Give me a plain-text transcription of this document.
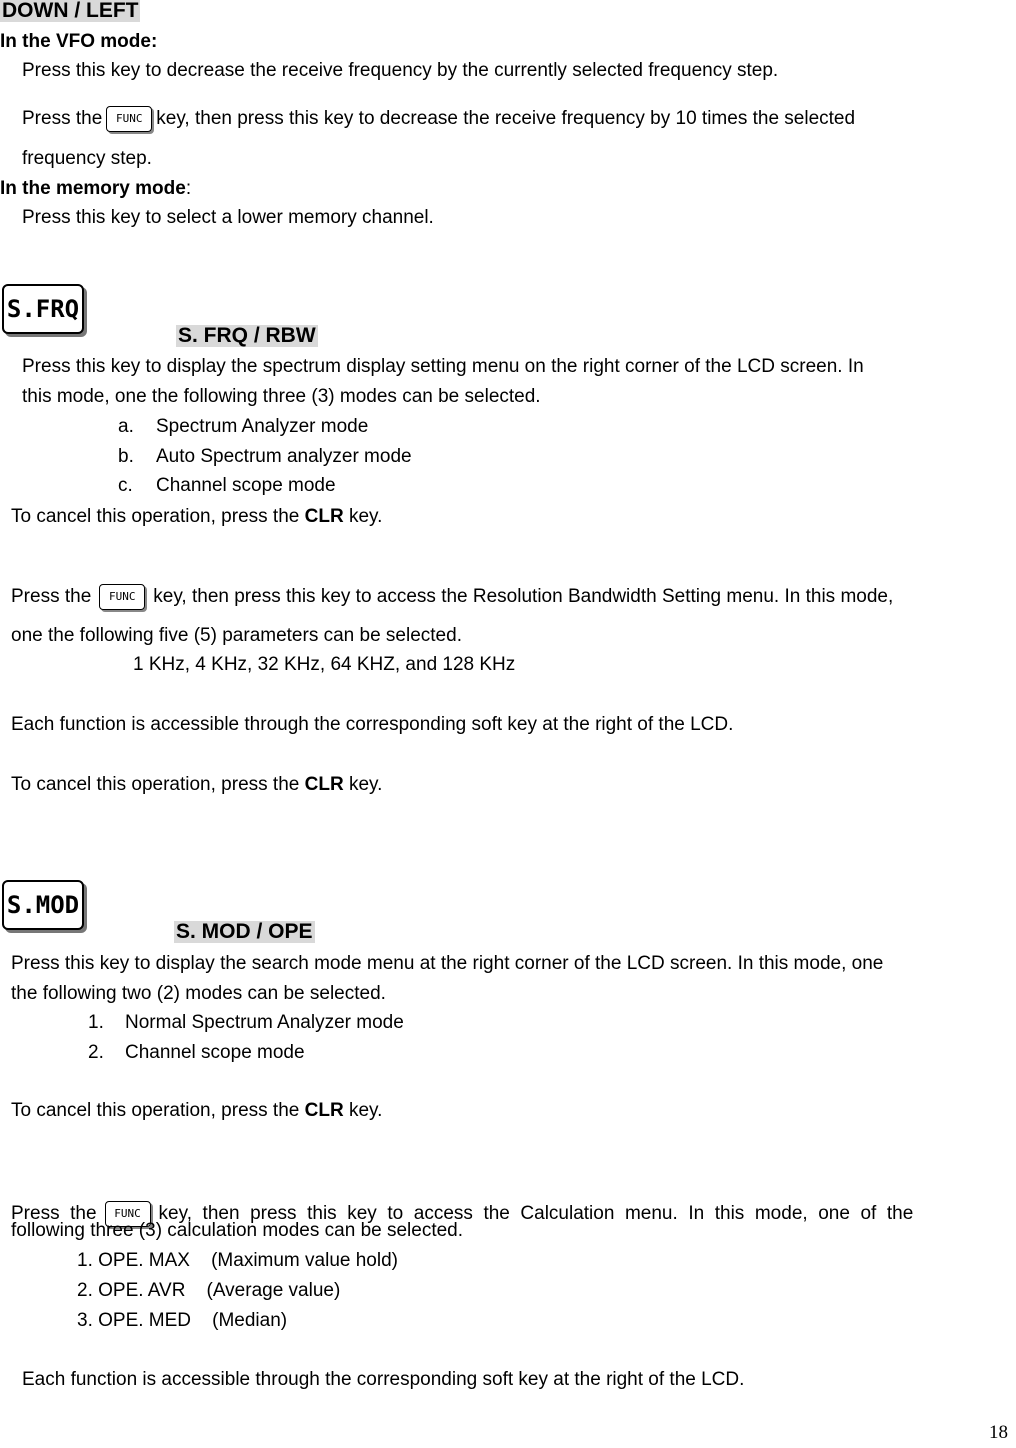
DOWN / LEFT
In the VFO mode:
Press this key to decrease the receive frequency by the currently selected frequency step.
Press the FUNC key, then press this key to decrease the receive frequency by 10 times the selected
frequency step.
In the memory mode:
Press this key to select a lower memory channel.
S.FRQ
S. FRQ / RBW
Press this key to display the spectrum display setting menu on the right corner of the LCD screen. In
this mode, one the following three (3) modes can be selected.
a. Spectrum Analyzer mode
b. Auto Spectrum analyzer mode
c. Channel scope mode
To cancel this operation, press the CLR key.
Press the FUNC key, then press this key to access the Resolution Bandwidth Setting menu. In this mode,
one the following five (5) parameters can be selected.
1 KHz, 4 KHz, 32 KHz, 64 KHZ, and 128 KHz
Each function is accessible through the corresponding soft key at the right of the LCD.
To cancel this operation, press the CLR key.
S.MOD
S. MOD / OPE
Press this key to display the search mode menu at the right corner of the LCD screen. In this mode, one
the following two (2) modes can be selected.
1. Normal Spectrum Analyzer mode
2. Channel scope mode
To cancel this operation, press the CLR key.

Press  the FUNC key,  then  press  this  key  to  access  the  Calculation  menu.  In  this  mode,  one  of  the
following three (3) calculation modes can be selected.
1. OPE. MAX    (Maximum value hold)
2. OPE. AVR    (Average value)
3. OPE. MED    (Median)
Each function is accessible through the corresponding soft key at the right of the LCD.
18
